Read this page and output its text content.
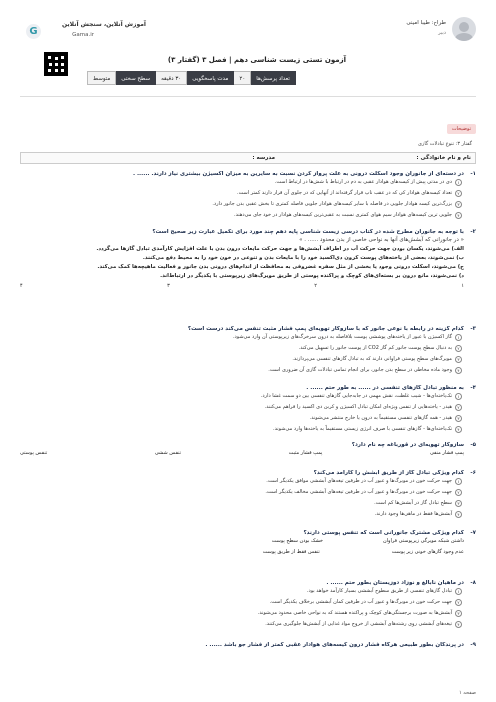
G
آموزش آنلاین، سنجش آنلاین
Gama.ir
طراح: طیبا امینی
دبیر
آزمون تستی زیست شناسی دهم | فصل ۳ (گفتار ۳)
تعداد پرسش‌ها
۲۰
مدت پاسخگویی
۳۰ دقیقه
سطح سختی
متوسط
توضیحات
گفتار ۳: تنوع تبادلات گازی
نام و نام خانوادگی :
مدرسه :
۱-
در دسته‌ای از جانوران وجود اسکلت درونی به علت پرواز کردن نسبت به سایرین به میزان اکسیژن بیشتری نیاز دارند. ...... .
۱
دی در مدتی پیش از کیسه‌های هوادار عقبی به دم در ارتباط با شش‌ها در ارتباط است.
۲
تعداد کیسه‌های هوادار کی که در عقب ناپ قرار گرفته‌اند از آنهایی که در جلوی آن قرار دارند کمتر است.
۳
بزرگ‌ترین کیسه هوادار جلویی در فاصله با سایر کیسه‌های هوادار جلویی فاصله کمتری تا بخش عقبی بدن جانور دارد.
۴
جلویی ترین کیسه‌های هوادار سیم هوای کمتری نسبت به عقبی‌ترین کیسه‌های هوادار در خود جای می‌دهند.
۲-
با توجه به جانوران مطرح شده در کتاب درسی زیست شناسی پایه دهم چند مورد برای تکمیل عبارت زیر صحیح است؟
« در جانورانی که آبشش‌های آنها به نواحی خاصی از بدن محدود ...... . »
الف) می‌شوند، یکسان بودن جهت حرکت آب در اطراف آبشش‌ها و جهت حرکت مایعات درون بدن با علت افزایش کارآمدی تبادل گازها می‌گردد.
ب) نمی‌شوند، بعضی از یاخته‌های پوست کرون دی‌اکسید خود را با مایعات بدن و تنوعی در خون خود را به محیط دفع می‌کنند.
ج) می‌شوند، اسکلت درونی وجود یا بخشی از مثل سفره غضروفی به محافظت از اندام‌های درونی بدن جانور و فعالیت ماهیچه‌ها کمک می‌کند.
د) نمی‌شوند، مانع درون بر بسته‌ای‌های کوچک و پراکنده پوستی از طریق مویرگ‌های زیرپوستی با یکدیگر در ارتباط‌اند.
۱
۲
۳
۴
۳-
کدام گزینه در رابطه با نوعی جانور که با سازوکار تهویه‌ای پمپ فشار مثبت تنفس می‌کند درست است؟
۱
گاز اکسیژن با عبور از یاخته‌های پوششی پوست بلافاصله به درون سرخرگ‌های زیرپوستی آن وارد می‌شود.
۲
به دنبال سطح پوست جانور کم گاز CO2 از پوست جانور را تسهیل می‌کند.
۳
مویرگ‌های سطح پوستی فراوانی دارند که به تبادل گازهای تنفسی می‌پردازند.
۴
وجود ماده مخاطی در سطح بدن جانور، برای انجام تمامی تبادلات گازی آن ضروری است.
۴-
به منظور تبادل گازهای تنفسی در ...... به طور حتم ...... .
۱
تک‌یاخته‌ای‌ها - شیب غلظت، نقش مهمی در جابه‌جایی گازهای تنفسی بین دو سمت غشا دارد.
۲
هیدر - یاخته‌هایی از تنفس ویژه‌ای امکان تبادل اکسیژن و کربن دی اکسید را فراهم می‌کنند.
۳
هیدر - همه گازهای تنفسی مستقیماً به درون یا خارج منتشر می‌شوند.
۴
تک‌یاخته‌ای‌ها - گازهای تنفسی با صرف انرژی زیستی مستقیماً به یاخته‌ها وارد می‌شوند.
۵-
سازوکار تهویه‌ای در قورباغه چه نام دارد؟
پمپ فشار منفی
پمپ فشار مثبت
تنفس ششی
تنفس پوستی
۶-
کدام ویژگی تبادل گاز از طریق آبشش را کارآمد می‌کند؟
۱
جهت حرکت خون در مویرگ‌ها و عبور آب در طرفین تیغه‌های آبششی موافق یکدیگر است.
۲
جهت حرکت خون در مویرگ‌ها و عبور آب در طرفین تیغه‌های آبششی مخالف یکدیگر است.
۳
سطح تبادل گاز در آبشش‌ها کم است.
۴
آبشش‌ها فقط در ماهی‌ها وجود دارند.
۷-
کدام ویژگی مشترک جانورانی است که تنفس پوستی دارند؟
داشتن شبکه مویرگی زیرپوستی فراوان
خشک بودن سطح پوست
عدم وجود گازهای خونی زیر پوست
تنفس فقط از طریق پوست
۸-
در ماهیان نابالغ و نوزاد دوزیستان بطور حتم ...... .
۱
تبادل گازهای تنفسی از طریق سطوح آبششی بسیار کارآمد خواهد بود.
۲
جهت حرکت خون در مویرگ‌ها و عبور آب در طرفین کمان آبششی برخلاف یکدیگر است.
۳
آبشش‌ها به صورت برجستگی‌های کوچک و پراکنده هستند که به نواحی خاصی محدود می‌شوند.
۴
تیغه‌های آبششی روی رشته‌های آبششی از خروج مواد غذایی از آبشش‌ها جلوگیری می‌کنند.
۹-
در پرندگان بطور طبیعی هرگاه فشار درون کیسه‌های هوادار عقبی کمتر از فشار جو باشد ...... .
صفحه ۱
